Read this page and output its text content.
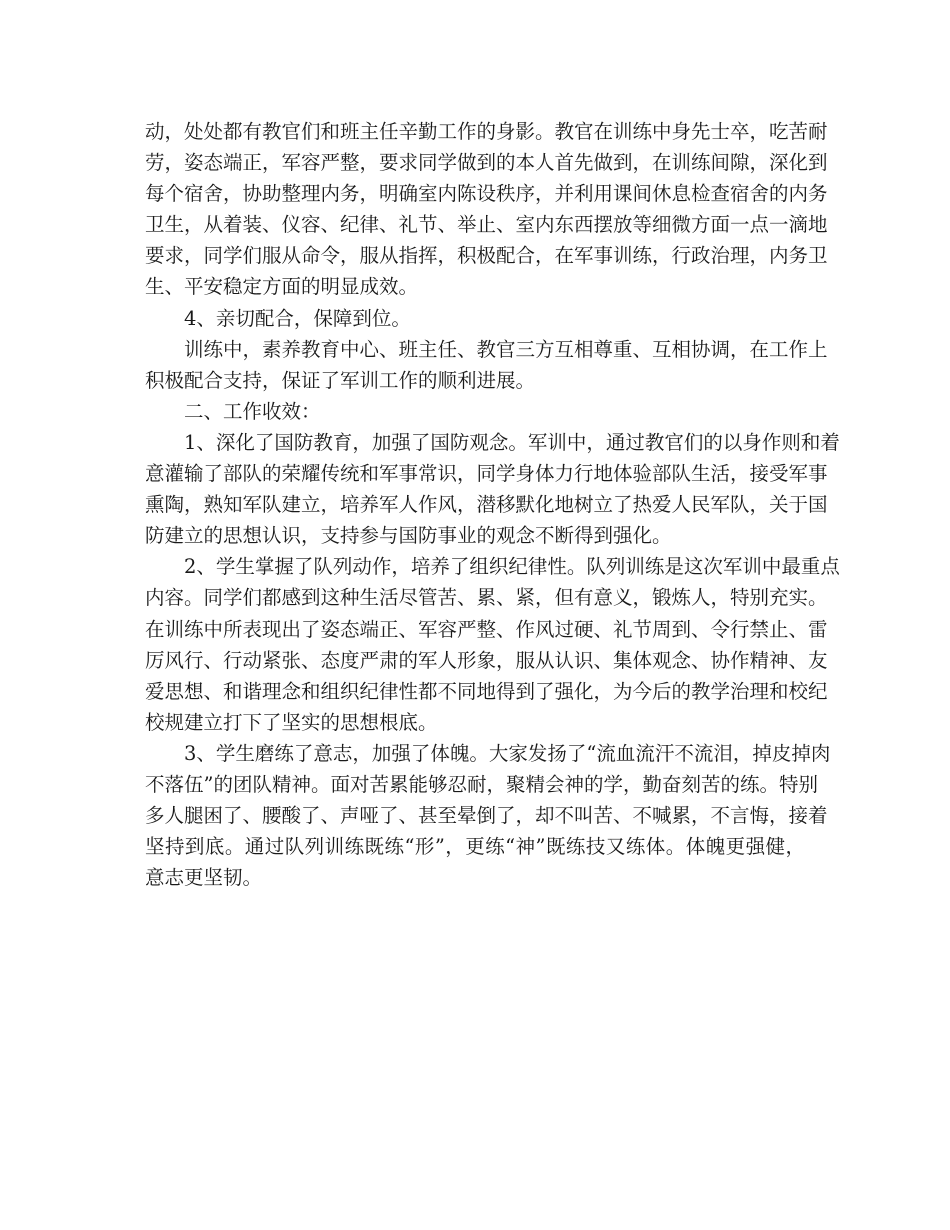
动，处处都有教官们和班主任辛勤工作的身影。教官在训练中身先士卒，吃苦耐
劳，姿态端正，军容严整，要求同学做到的本人首先做到，在训练间隙，深化到
每个宿舍，协助整理内务，明确室内陈设秩序，并利用课间休息检查宿舍的内务
卫生，从着装、仪容、纪律、礼节、举止、室内东西摆放等细微方面一点一滴地
要求，同学们服从命令，服从指挥，积极配合，在军事训练，行政治理，内务卫
生、平安稳定方面的明显成效。

4、亲切配合，保障到位。

训练中，素养教育中心、班主任、教官三方互相尊重、互相协调，在工作上
积极配合支持，保证了军训工作的顺利进展。

二、工作收效：

1、深化了国防教育，加强了国防观念。军训中，通过教官们的以身作则和着
意灌输了部队的荣耀传统和军事常识，同学身体力行地体验部队生活，接受军事
熏陶，熟知军队建立，培养军人作风，潜移默化地树立了热爱人民军队，关于国
防建立的思想认识，支持参与国防事业的观念不断得到强化。

2、学生掌握了队列动作，培养了组织纪律性。队列训练是这次军训中最重点
内容。同学们都感到这种生活尽管苦、累、紧，但有意义，锻炼人，特别充实。
在训练中所表现出了姿态端正、军容严整、作风过硬、礼节周到、令行禁止、雷
厉风行、行动紧张、态度严肃的军人形象，服从认识、集体观念、协作精神、友
爱思想、和谐理念和组织纪律性都不同地得到了强化，为今后的教学治理和校纪
校规建立打下了坚实的思想根底。

3、学生磨练了意志，加强了体魄。大家发扬了“流血流汗不流泪，掉皮掉肉
不落伍”的团队精神。面对苦累能够忍耐，聚精会神的学，勤奋刻苦的练。特别
多人腿困了、腰酸了、声哑了、甚至晕倒了，却不叫苦、不喊累，不言悔，接着
坚持到底。通过队列训练既练“形”，更练“神”既练技又练体。体魄更强健，
意志更坚韧。
